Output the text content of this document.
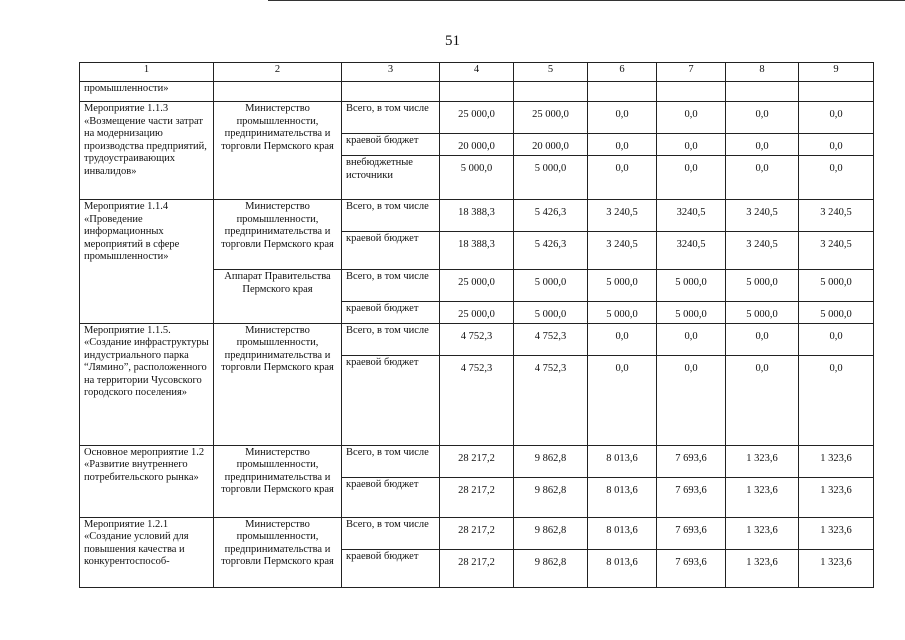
51
1	2	3	4	5	6	7	8	9
промышленности»								
Мероприятие 1.1.3 «Возмещение части затрат на модернизацию производства предприятий, трудоустраивающих инвалидов»	Министерство промышленности, предпринимательства и торговли Пермского края	Всего, в том числе	25 000,0	25 000,0	0,0	0,0	0,0	0,0
		краевой бюджет	20 000,0	20 000,0	0,0	0,0	0,0	0,0
		внебюджетные источники	5 000,0	5 000,0	0,0	0,0	0,0	0,0
Мероприятие 1.1.4 «Проведение информационных мероприятий в сфере промышленности»	Министерство промышленности, предпринимательства и торговли Пермского края	Всего, в том числе	18 388,3	5 426,3	3 240,5	3240,5	3 240,5	3 240,5
		краевой бюджет	18 388,3	5 426,3	3 240,5	3240,5	3 240,5	3 240,5
	Аппарат Правительства Пермского края	Всего, в том числе	25 000,0	5 000,0	5 000,0	5 000,0	5 000,0	5 000,0
		краевой бюджет	25 000,0	5 000,0	5 000,0	5 000,0	5 000,0	5 000,0
Мероприятие 1.1.5. «Создание инфраструктуры индустриального парка “Лямино”, расположенного на территории Чусовского городского поселения»	Министерство промышленности, предпринимательства и торговли Пермского края	Всего, в том числе	4 752,3	4 752,3	0,0	0,0	0,0	0,0
		краевой бюджет	4 752,3	4 752,3	0,0	0,0	0,0	0,0
Основное мероприятие 1.2 «Развитие внутреннего потребительского рынка»	Министерство промышленности, предпринимательства и торговли Пермского края	Всего, в том числе	28 217,2	9 862,8	8 013,6	7 693,6	1 323,6	1 323,6
		краевой бюджет	28 217,2	9 862,8	8 013,6	7 693,6	1 323,6	1 323,6
Мероприятие 1.2.1 «Создание условий для повышения качества и конкурентоспособ-	Министерство промышленности, предпринимательства и торговли Пермского края	Всего, в том числе	28 217,2	9 862,8	8 013,6	7 693,6	1 323,6	1 323,6
		краевой бюджет	28 217,2	9 862,8	8 013,6	7 693,6	1 323,6	1 323,6
